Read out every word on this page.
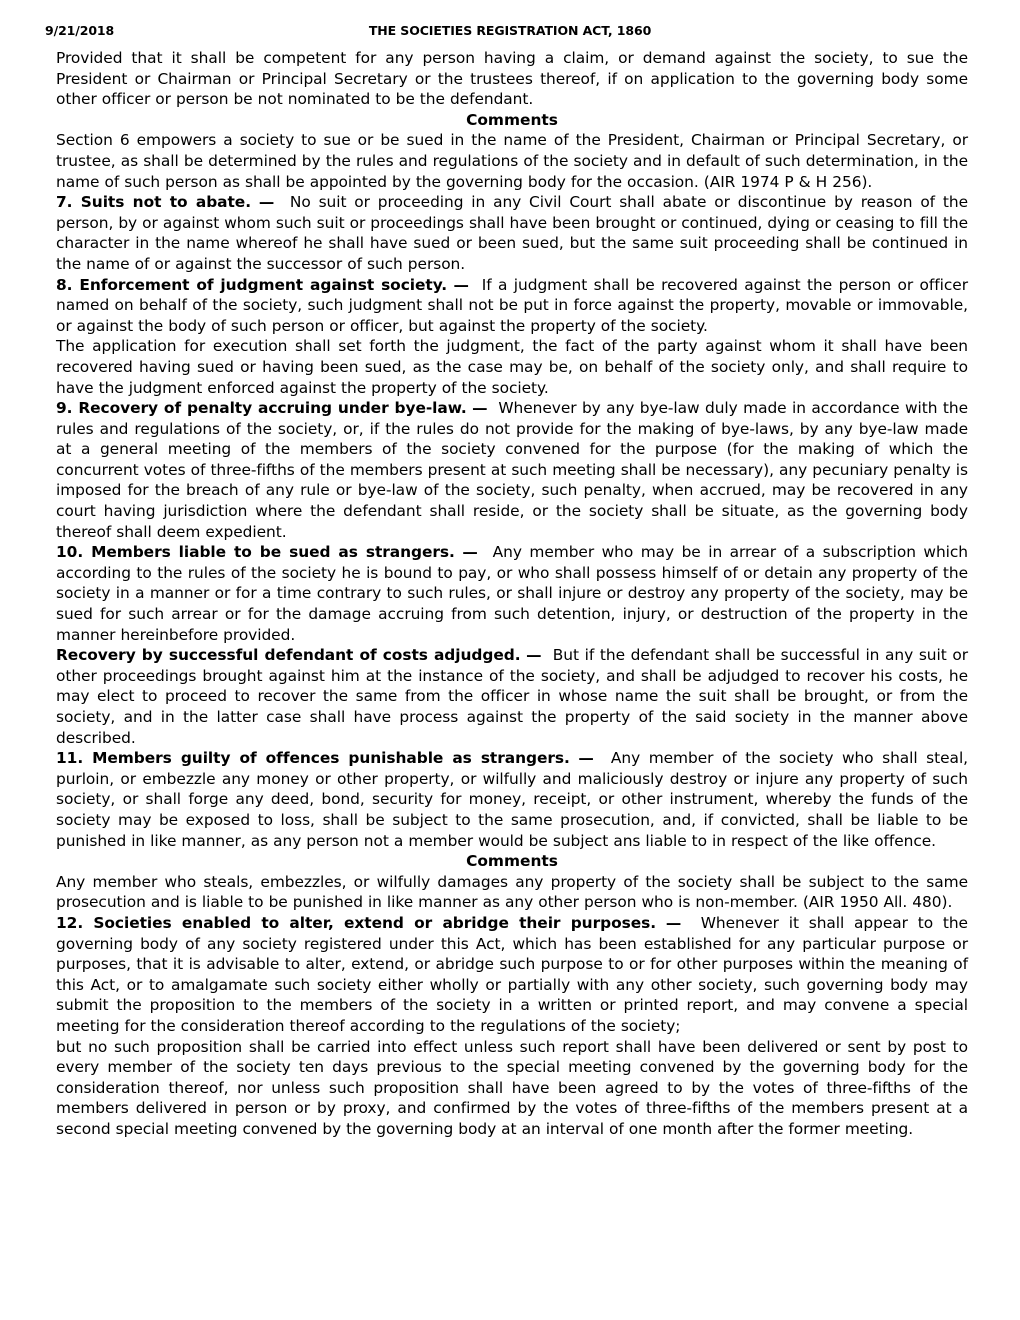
9/21/2018	THE SOCIETIES REGISTRATION ACT, 1860

Provided that it shall be competent for any person having a claim, or demand against the society, to sue the President or Chairman or Principal Secretary or the trustees thereof, if on application to the governing body some other officer or person be not nominated to be the defendant.

Comments

Section 6 empowers a society to sue or be sued in the name of the President, Chairman or Principal Secretary, or trustee, as shall be determined by the rules and regulations of the society and in default of such determination, in the name of such person as shall be appointed by the governing body for the occasion. (AIR 1974 P & H 256).

7. Suits not to abate. — No suit or proceeding in any Civil Court shall abate or discontinue by reason of the person, by or against whom such suit or proceedings shall have been brought or continued, dying or ceasing to fill the character in the name whereof he shall have sued or been sued, but the same suit proceeding shall be continued in the name of or against the successor of such person.

8. Enforcement of judgment against society. — If a judgment shall be recovered against the person or officer named on behalf of the society, such judgment shall not be put in force against the property, movable or immovable, or against the body of such person or officer, but against the property of the society.

The application for execution shall set forth the judgment, the fact of the party against whom it shall have been recovered having sued or having been sued, as the case may be, on behalf of the society only, and shall require to have the judgment enforced against the property of the society.

9. Recovery of penalty accruing under bye-law. — Whenever by any bye-law duly made in accordance with the rules and regulations of the society, or, if the rules do not provide for the making of bye-laws, by any bye-law made at a general meeting of the members of the society convened for the purpose (for the making of which the concurrent votes of three-fifths of the members present at such meeting shall be necessary), any pecuniary penalty is imposed for the breach of any rule or bye-law of the society, such penalty, when accrued, may be recovered in any court having jurisdiction where the defendant shall reside, or the society shall be situate, as the governing body thereof shall deem expedient.

10. Members liable to be sued as strangers. — Any member who may be in arrear of a subscription which according to the rules of the society he is bound to pay, or who shall possess himself of or detain any property of the society in a manner or for a time contrary to such rules, or shall injure or destroy any property of the society, may be sued for such arrear or for the damage accruing from such detention, injury, or destruction of the property in the manner hereinbefore provided.

Recovery by successful defendant of costs adjudged. — But if the defendant shall be successful in any suit or other proceedings brought against him at the instance of the society, and shall be adjudged to recover his costs, he may elect to proceed to recover the same from the officer in whose name the suit shall be brought, or from the society, and in the latter case shall have process against the property of the said society in the manner above described.

11. Members guilty of offences punishable as strangers. — Any member of the society who shall steal, purloin, or embezzle any money or other property, or wilfully and maliciously destroy or injure any property of such society, or shall forge any deed, bond, security for money, receipt, or other instrument, whereby the funds of the society may be exposed to loss, shall be subject to the same prosecution, and, if convicted, shall be liable to be punished in like manner, as any person not a member would be subject ans liable to in respect of the like offence.

Comments

Any member who steals, embezzles, or wilfully damages any property of the society shall be subject to the same prosecution and is liable to be punished in like manner as any other person who is non-member. (AIR 1950 All. 480).

12. Societies enabled to alter, extend or abridge their purposes. — Whenever it shall appear to the governing body of any society registered under this Act, which has been established for any particular purpose or purposes, that it is advisable to alter, extend, or abridge such purpose to or for other purposes within the meaning of this Act, or to amalgamate such society either wholly or partially with any other society, such governing body may submit the proposition to the members of the society in a written or printed report, and may convene a special meeting for the consideration thereof according to the regulations of the society;

but no such proposition shall be carried into effect unless such report shall have been delivered or sent by post to every member of the society ten days previous to the special meeting convened by the governing body for the consideration thereof, nor unless such proposition shall have been agreed to by the votes of three-fifths of the members delivered in person or by proxy, and confirmed by the votes of three-fifths of the members present at a second special meeting convened by the governing body at an interval of one month after the former meeting.
